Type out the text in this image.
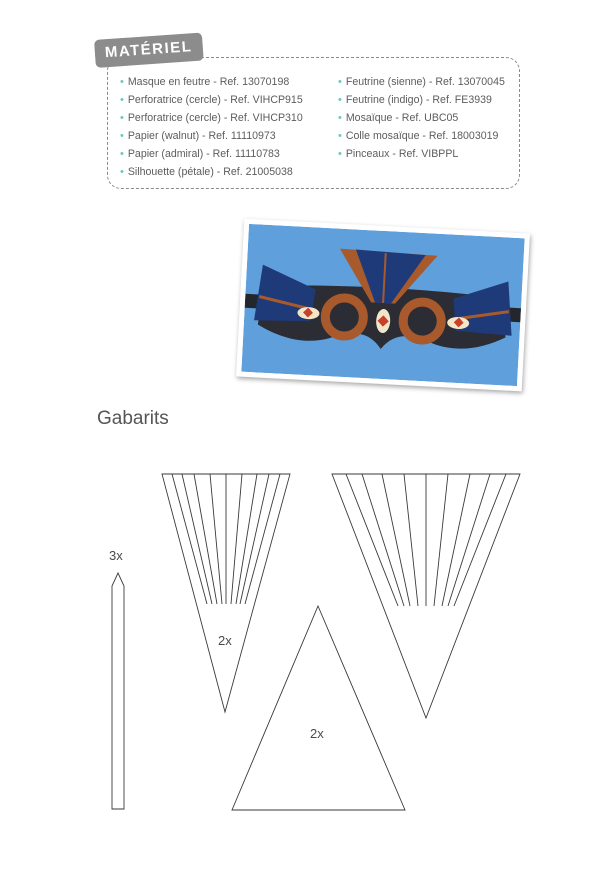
MATÉRIEL
• Masque en feutre - Ref. 13070198
• Perforatrice (cercle) - Ref. VIHCP915
• Perforatrice (cercle) - Ref. VIHCP310
• Papier (walnut) - Ref. 11110973
• Papier (admiral) - Ref. 11110783
• Silhouette (pétale) - Ref. 21005038
• Feutrine (sienne) - Ref. 13070045
• Feutrine (indigo) - Ref. FE3939
• Mosaïque - Ref. UBC05
• Colle mosaïque - Ref. 18003019
• Pinceaux - Ref. VIBPPL
Gabarits
3x
2x
2x
